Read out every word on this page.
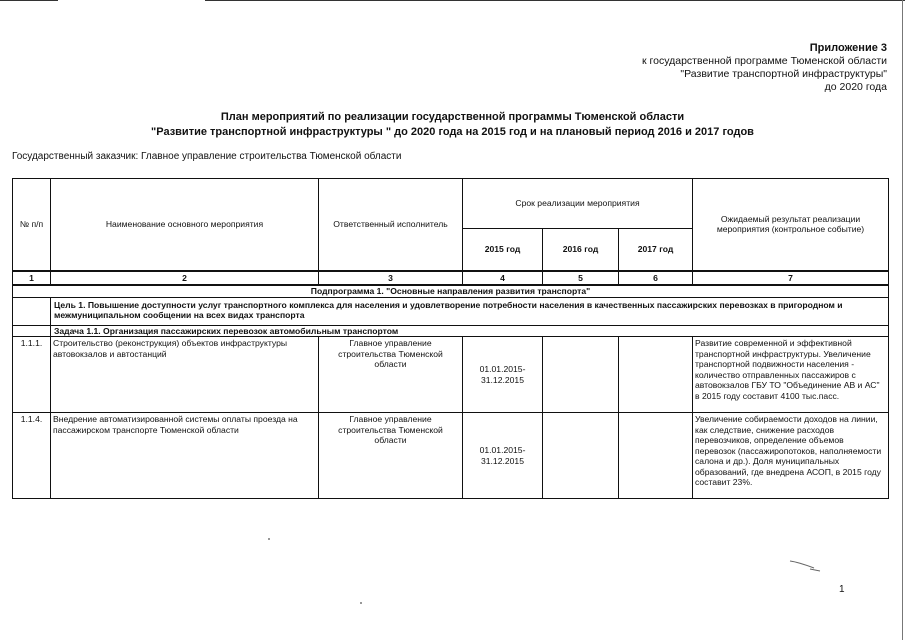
Приложение 3
к государственной программе Тюменской области
"Развитие транспортной инфраструктуры"
до 2020 года
План мероприятий по реализации государственной программы Тюменской области
"Развитие транспортной инфраструктуры " до 2020 года на 2015 год и на плановый период 2016 и 2017 годов
Государственный заказчик: Главное управление строительства Тюменской области
№ п/п	Наименование основного мероприятия	Ответственный исполнитель	Срок реализации мероприятия			Ожидаемый результат реализации мероприятия (контрольное событие)
			2015 год	2016 год	2017 год	
1	2	3	4	5	6	7
Подпрограмма 1. "Основные направления развития транспорта"						
	Цель 1. Повышение доступности услуг транспортного комплекса для населения и удовлетворение потребности населения в качественных пассажирских перевозках в пригородном и межмуниципальном сообщении на всех видах транспорта					
	Задача 1.1. Организация пассажирских перевозок автомобильным транспортом					
1.1.1.	Строительство (реконструкция) объектов инфраструктуры автовокзалов и автостанций	Главное управление строительства Тюменской области	01.01.2015-31.12.2015			Развитие современной и эффективной транспортной инфраструктуры. Увеличение транспортной подвижности населения - количество отправленных пассажиров с автовокзалов ГБУ ТО "Объединение АВ и АС" в 2015 году составит 4100 тыс.пасс.
1.1.4.	Внедрение автоматизированной системы оплаты проезда на пассажирском транспорте Тюменской области	Главное управление строительства Тюменской области	01.01.2015-31.12.2015			Увеличение собираемости доходов на линии, как следствие, снижение расходов перевозчиков, определение объемов перевозок (пассажиропотоков, наполняемости салона и др.). Доля муниципальных образований, где внедрена АСОП, в 2015 году составит 23%.
1
